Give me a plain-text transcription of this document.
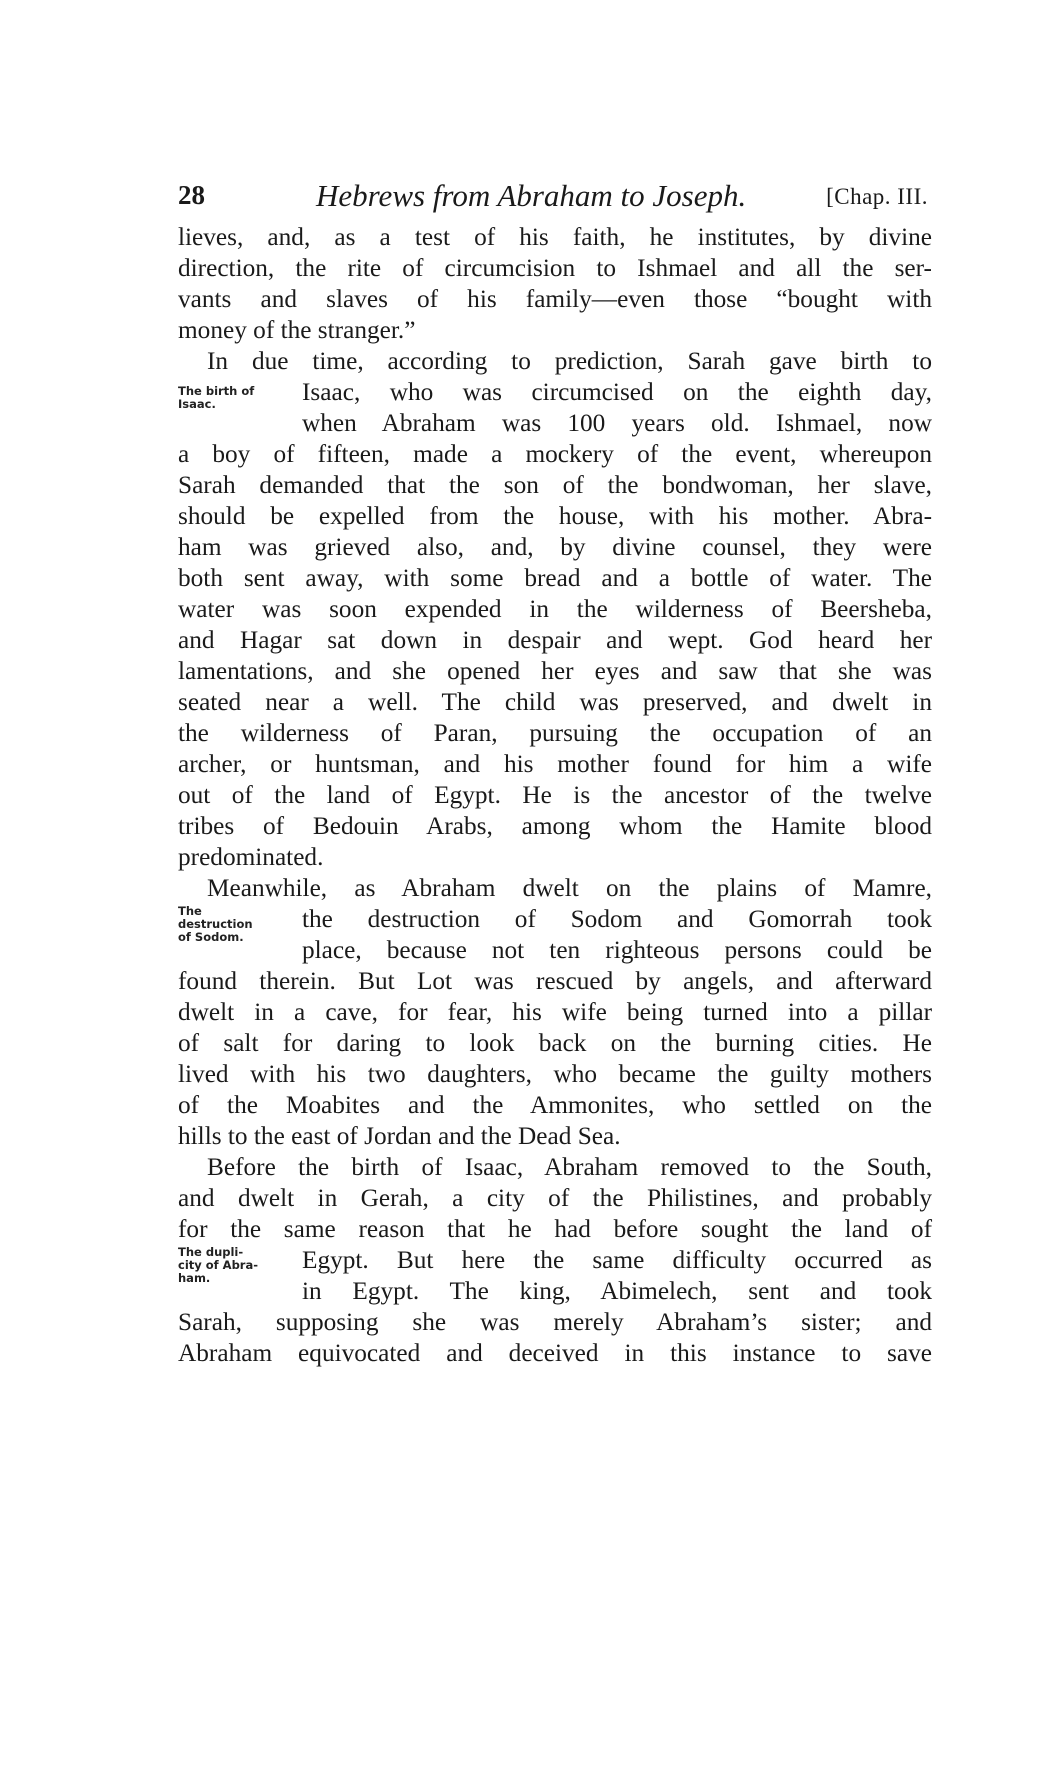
28	Hebrews from Abraham to Joseph.	[Chap. III.
lieves, and, as a test of his faith, he institutes, by divine
direction, the rite of circumcision to Ishmael and all the ser-
vants and slaves of his family—even those “bought with
money of the stranger.”
In due time, according to prediction, Sarah gave birth to
Isaac, who was circumcised on the eighth day,
when Abraham was 100 years old. Ishmael, now
a boy of fifteen, made a mockery of the event, whereupon
Sarah demanded that the son of the bondwoman, her slave,
should be expelled from the house, with his mother. Abra-
ham was grieved also, and, by divine counsel, they were
both sent away, with some bread and a bottle of water. The
water was soon expended in the wilderness of Beersheba,
and Hagar sat down in despair and wept. God heard her
lamentations, and she opened her eyes and saw that she was
seated near a well. The child was preserved, and dwelt in
the wilderness of Paran, pursuing the occupation of an
archer, or huntsman, and his mother found for him a wife
out of the land of Egypt. He is the ancestor of the twelve
tribes of Bedouin Arabs, among whom the Hamite blood
predominated.
Meanwhile, as Abraham dwelt on the plains of Mamre,
the destruction of Sodom and Gomorrah took
place, because not ten righteous persons could be
found therein. But Lot was rescued by angels, and afterward
dwelt in a cave, for fear, his wife being turned into a pillar
of salt for daring to look back on the burning cities. He
lived with his two daughters, who became the guilty mothers
of the Moabites and the Ammonites, who settled on the
hills to the east of Jordan and the Dead Sea.
Before the birth of Isaac, Abraham removed to the South,
and dwelt in Gerah, a city of the Philistines, and probably
for the same reason that he had before sought the land of
Egypt. But here the same difficulty occurred as
in Egypt. The king, Abimelech, sent and took
Sarah, supposing she was merely Abraham’s sister; and
Abraham equivocated and deceived in this instance to save
The birth of
Isaac.
The
destruction
of Sodom.
The dupli-
city of Abra-
ham.
